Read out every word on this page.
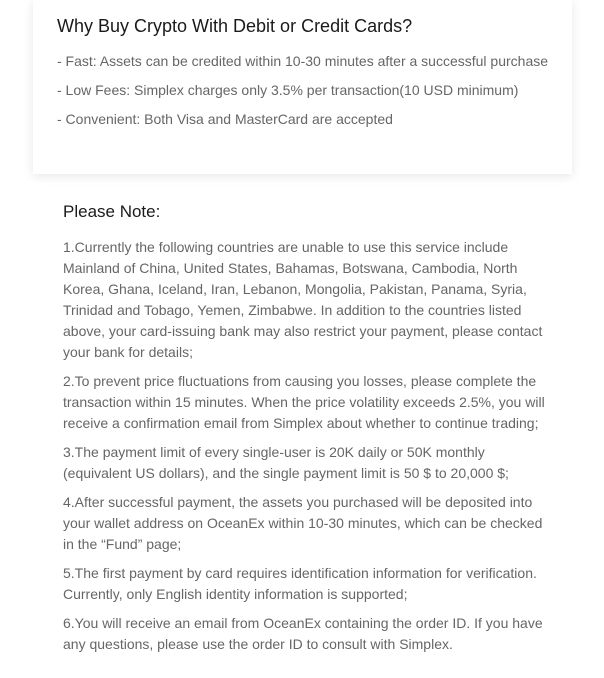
Why Buy Crypto With Debit or Credit Cards?
- Fast: Assets can be credited within 10-30 minutes after a successful purchase
- Low Fees: Simplex charges only 3.5% per transaction(10 USD minimum)
- Convenient: Both Visa and MasterCard are accepted
Please Note:
1.Currently the following countries are unable to use this service include Mainland of China, United States, Bahamas, Botswana, Cambodia, North Korea, Ghana, Iceland, Iran, Lebanon, Mongolia, Pakistan, Panama, Syria, Trinidad and Tobago, Yemen, Zimbabwe. In addition to the countries listed above, your card-issuing bank may also restrict your payment, please contact your bank for details;
2.To prevent price fluctuations from causing you losses, please complete the transaction within 15 minutes. When the price volatility exceeds 2.5%, you will receive a confirmation email from Simplex about whether to continue trading;
3.The payment limit of every single-user is 20K daily or 50K monthly (equivalent US dollars), and the single payment limit is 50 $ to 20,000 $;
4.After successful payment, the assets you purchased will be deposited into your wallet address on OceanEx within 10-30 minutes, which can be checked in the “Fund” page;
5.The first payment by card requires identification information for verification. Currently, only English identity information is supported;
6.You will receive an email from OceanEx containing the order ID. If you have any questions, please use the order ID to consult with Simplex.
